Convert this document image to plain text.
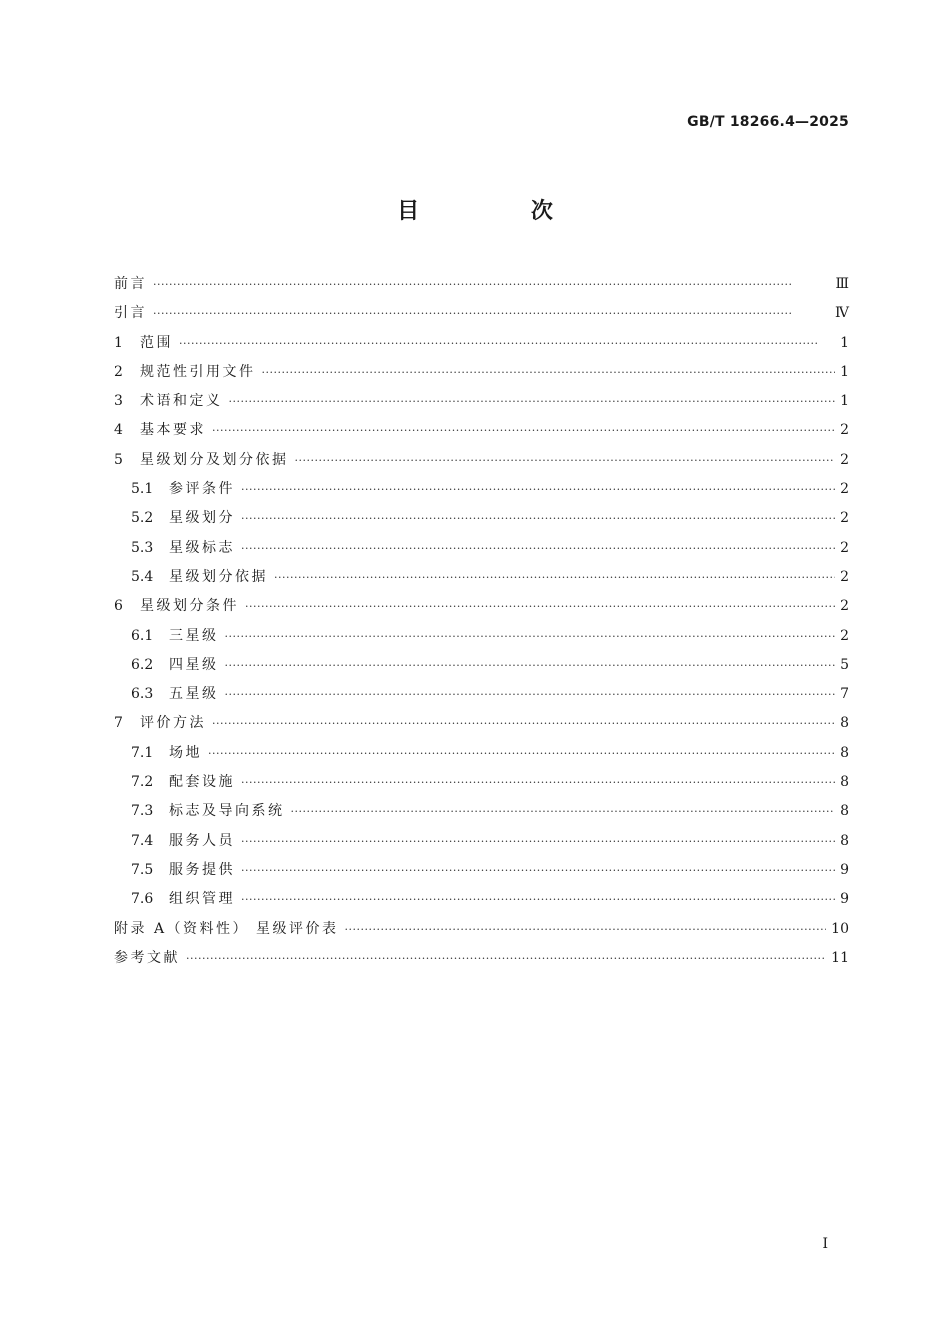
GB/T 18266.4—2025
目 次
前言 ·····	Ⅲ
引言 ·····	Ⅳ
1	范围 ·····	1
2	规范性引用文件 ·····	1
3	术语和定义 ·····	1
4	基本要求 ·····	2
5	星级划分及划分依据 ·····	2
5.1	参评条件 ·····	2
5.2	星级划分 ·····	2
5.3	星级标志 ·····	2
5.4	星级划分依据 ·····	2
6	星级划分条件 ·····	2
6.1	三星级 ·····	2
6.2	四星级 ·····	5
6.3	五星级 ·····	7
7	评价方法 ·····	8
7.1	场地 ·····	8
7.2	配套设施 ·····	8
7.3	标志及导向系统 ·····	8
7.4	服务人员 ·····	8
7.5	服务提供 ·····	9
7.6	组织管理 ·····	9
附录 A（资料性） 星级评价表 ·····	10
参考文献 ·····	11
Ⅰ
